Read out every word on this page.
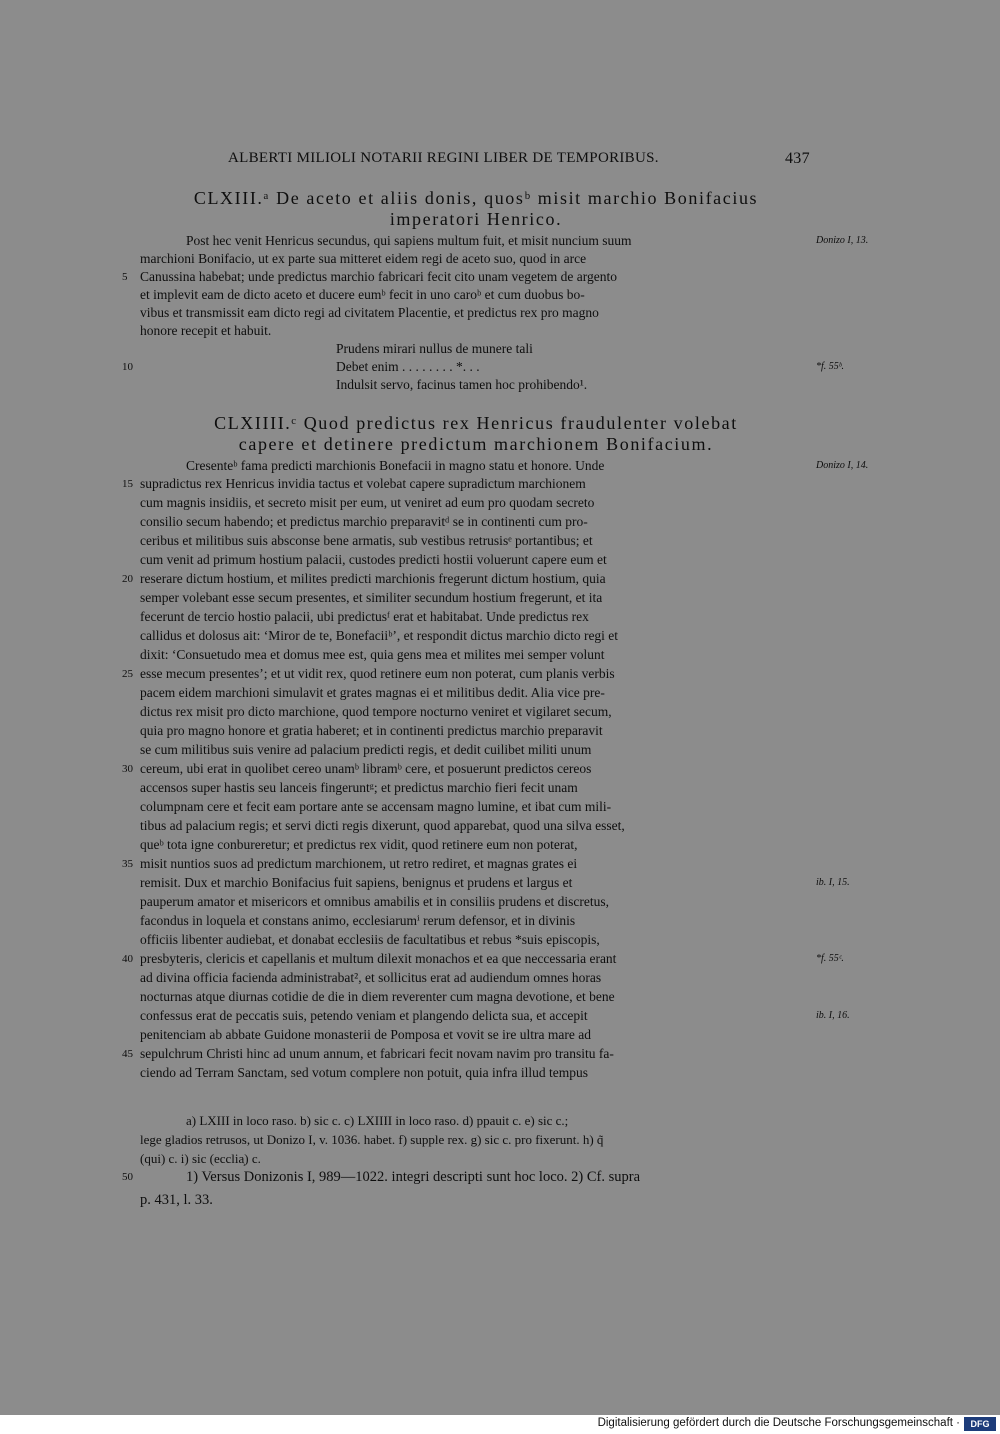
ALBERTI MILIOLI NOTARII REGINI LIBER DE TEMPORIBUS.	437
CLXIII.ᵃ De aceto et aliis donis, quosᵇ misit marchio Bonifacius
imperatori Henrico.
Post hec venit Henricus secundus, qui sapiens multum fuit, et misit nuncium suum
marchioni Bonifacio, ut ex parte sua mitteret eidem regi de aceto suo, quod in arce
Canussina habebat; unde predictus marchio fabricari fecit cito unam vegetem de argento
et implevit eam de dicto aceto et ducere eumᵇ fecit in uno caroᵇ et cum duobus bo-
vibus et transmissit eam dicto regi ad civitatem Placentie, et predictus rex pro magno
honore recepit et habuit.
Prudens mirari nullus de munere tali
Debet enim . . . . . . . . *. . .
Indulsit servo, facinus tamen hoc prohibendo¹.
CLXIIII.ᶜ Quod predictus rex Henricus fraudulenter volebat
capere et detinere predictum marchionem Bonifacium.
Cresenteᵇ fama predicti marchionis Bonefacii in magno statu et honore. Unde
supradictus rex Henricus invidia tactus et volebat capere supradictum marchionem
cum magnis insidiis, et secreto misit per eum, ut veniret ad eum pro quodam secreto
consilio secum habendo; et predictus marchio preparavitᵈ se in continenti cum pro-
ceribus et militibus suis absconse bene armatis, sub vestibus retrusisᵉ portantibus; et
cum venit ad primum hostium palacii, custodes predicti hostii voluerunt capere eum et
reserare dictum hostium, et milites predicti marchionis fregerunt dictum hostium, quia
semper volebant esse secum presentes, et similiter secundum hostium fregerunt, et ita
fecerunt de tercio hostio palacii, ubi predictusᶠ erat et habitabat. Unde predictus rex
callidus et dolosus ait: ‘Miror de te, Bonefaciiᵇ’, et respondit dictus marchio dicto regi et
dixit: ‘Consuetudo mea et domus mee est, quia gens mea et milites mei semper volunt
esse mecum presentes’; et ut vidit rex, quod retinere eum non poterat, cum planis verbis
pacem eidem marchioni simulavit et grates magnas ei et militibus dedit. Alia vice pre-
dictus rex misit pro dicto marchione, quod tempore nocturno veniret et vigilaret secum,
quia pro magno honore et gratia haberet; et in continenti predictus marchio preparavit
se cum militibus suis venire ad palacium predicti regis, et dedit cuilibet militi unum
cereum, ubi erat in quolibet cereo unamᵇ libramᵇ cere, et posuerunt predictos cereos
accensos super hastis seu lanceis fingeruntᵍ; et predictus marchio fieri fecit unam
columpnam cere et fecit eam portare ante se accensam magno lumine, et ibat cum mili-
tibus ad palacium regis; et servi dicti regis dixerunt, quod apparebat, quod una silva esset,
queᵇ tota igne conbureretur; et predictus rex vidit, quod retinere eum non poterat,
misit nuntios suos ad predictum marchionem, ut retro rediret, et magnas grates ei
remisit. Dux et marchio Bonifacius fuit sapiens, benignus et prudens et largus et
pauperum amator et misericors et omnibus amabilis et in consiliis prudens et discretus,
facondus in loquela et constans animo, ecclesiarumⁱ rerum defensor, et in divinis
officiis libenter audiebat, et donabat ecclesiis de facultatibus et rebus *suis episcopis,
presbyteris, clericis et capellanis et multum dilexit monachos et ea que neccessaria erant
ad divina officia facienda administrabat², et sollicitus erat ad audiendum omnes horas
nocturnas atque diurnas cotidie de die in diem reverenter cum magna devotione, et bene
confessus erat de peccatis suis, petendo veniam et plangendo delicta sua, et accepit
penitenciam ab abbate Guidone monasterii de Pomposa et vovit se ire ultra mare ad
sepulchrum Christi hinc ad unum annum, et fabricari fecit novam navim pro transitu fa-
ciendo ad Terram Sanctam, sed votum complere non potuit, quia infra illud tempus
5
10
15
20
25
30
35
40
45
50
Donizo I, 13.
*f. 55ᵇ.
Donizo I, 14.
ib. I, 15.
*f. 55ᶜ.
ib. I, 16.
a) LXIII in loco raso. b) sic c. c) LXIIII in loco raso. d) ppauit c. e) sic c.;
lege gladios retrusos, ut Donizo I, v. 1036. habet. f) supple rex. g) sic c. pro fixerunt. h) q̃
(qui) c. i) sic (ecclia̹) c.
1) Versus Donizonis I, 989—1022. integri descripti sunt hoc loco. 2) Cf. supra
p. 431, l. 33.
Digitalisierung gefördert durch die Deutsche Forschungsgemeinschaft ·	DFG
